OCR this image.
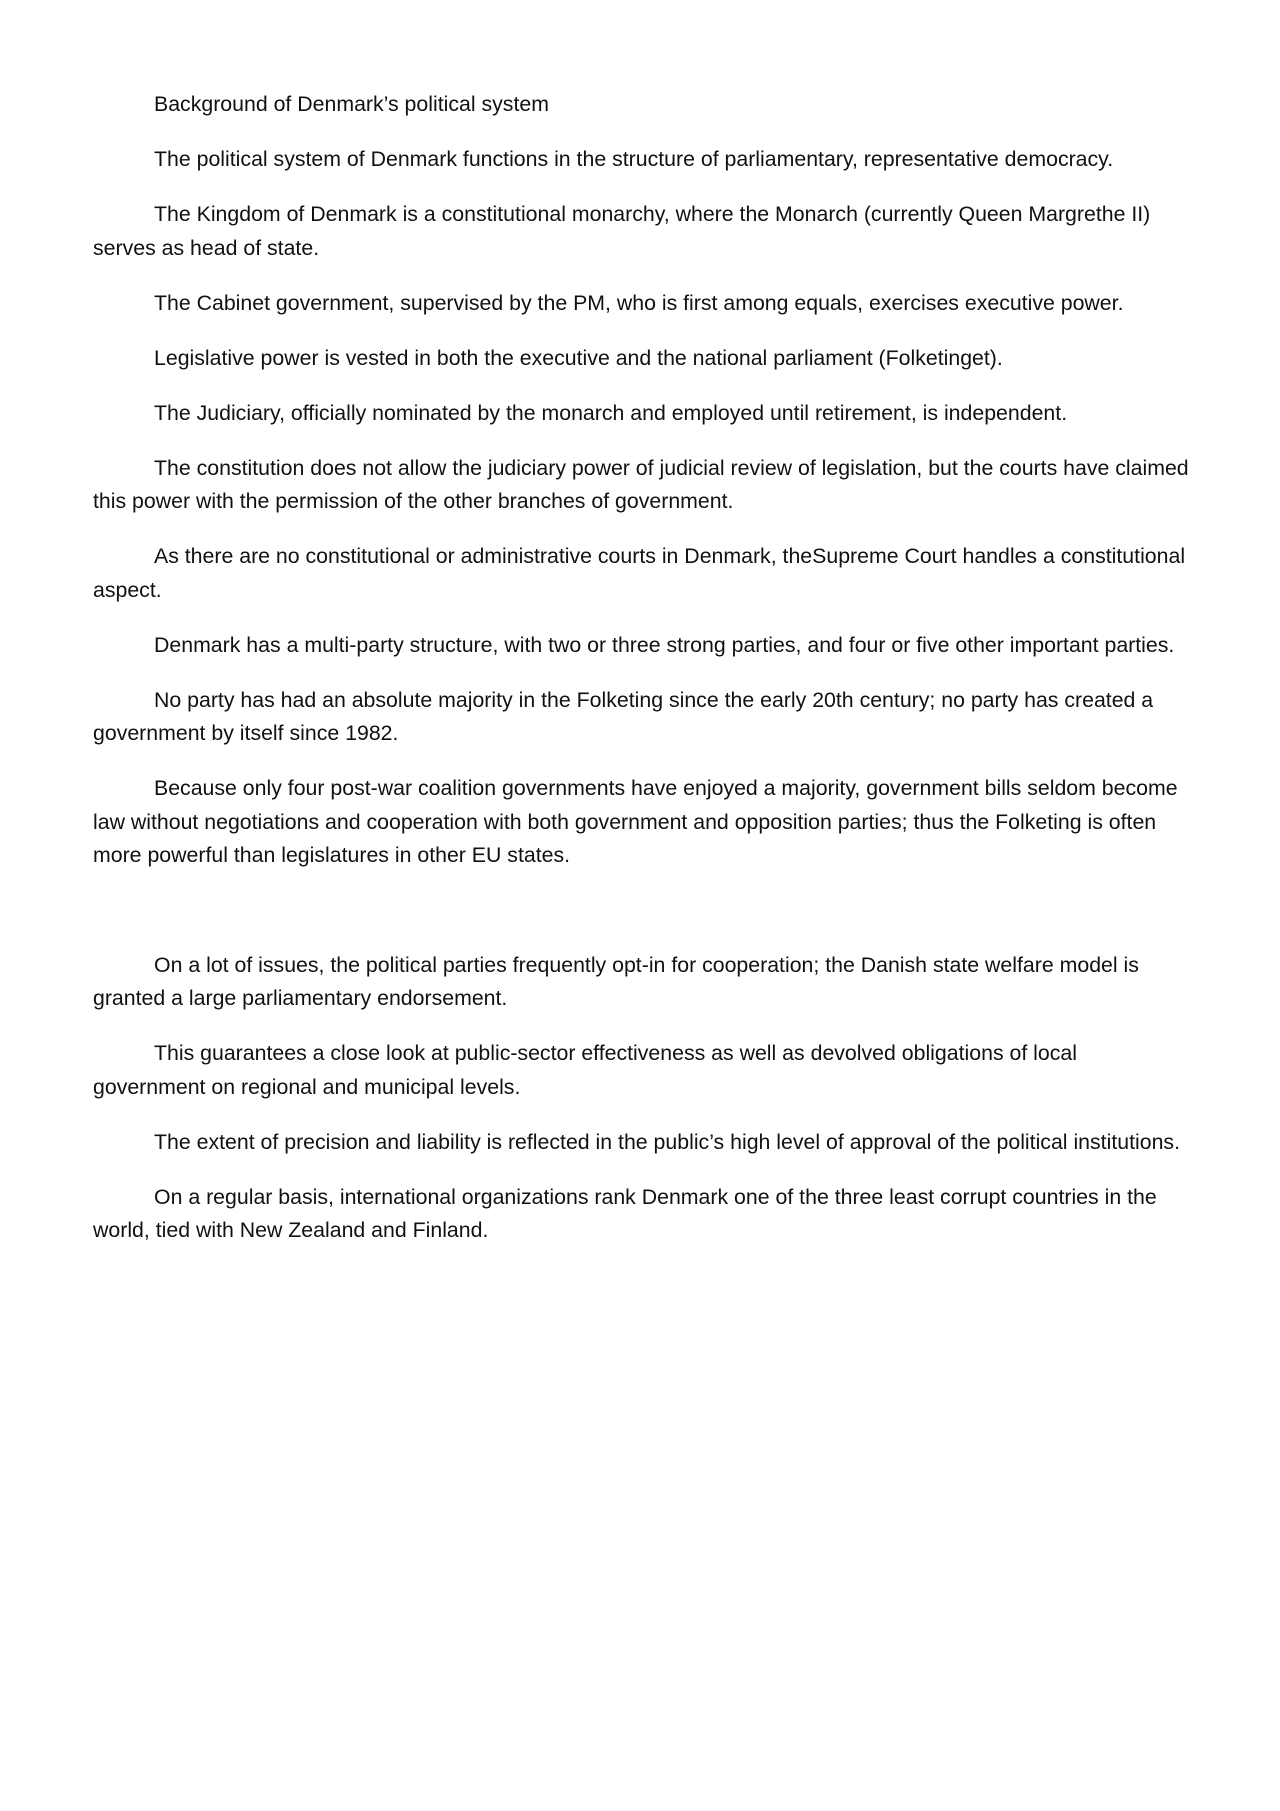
Background of Denmark’s political system

The political system of Denmark functions in the structure of parliamentary, representative democracy.

The Kingdom of Denmark is a constitutional monarchy, where the Monarch (currently Queen Margrethe II) serves as head of state.

The Cabinet government, supervised by the PM, who is first among equals, exercises executive power.

Legislative power is vested in both the executive and the national parliament (Folketinget).

The Judiciary, officially nominated by the monarch and employed until retirement, is independent.

The constitution does not allow the judiciary power of judicial review of legislation, but the courts have claimed this power with the permission of the other branches of government.

As there are no constitutional or administrative courts in Denmark, theSupreme Court handles a constitutional aspect.

Denmark has a multi-party structure, with two or three strong parties, and four or five other important parties.

No party has had an absolute majority in the Folketing since the early 20th century; no party has created a government by itself since 1982.

Because only four post-war coalition governments have enjoyed a majority, government bills seldom become law without negotiations and cooperation with both government and opposition parties; thus the Folketing is often more powerful than legislatures in other EU states.

On a lot of issues, the political parties frequently opt-in for cooperation; the Danish state welfare model is granted a large parliamentary endorsement.

This guarantees a close look at public-sector effectiveness as well as devolved obligations of local government on regional and municipal levels.

The extent of precision and liability is reflected in the public’s high level of approval of the political institutions.

On a regular basis, international organizations rank Denmark one of the three least corrupt countries in the world, tied with New Zealand and Finland.
